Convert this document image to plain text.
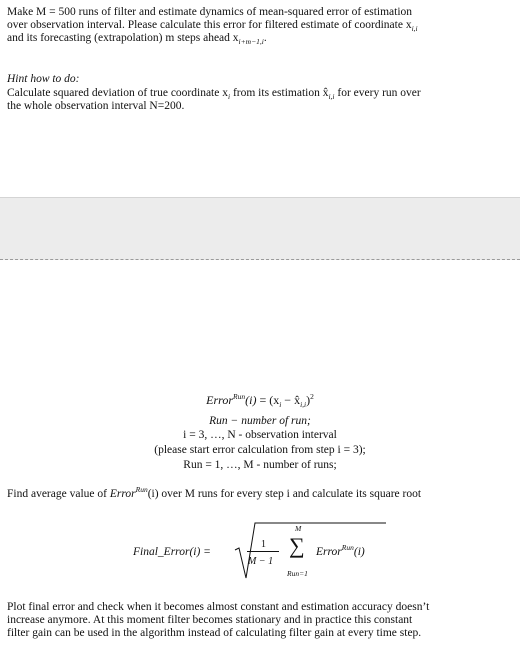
Make M = 500 runs of filter and estimate dynamics of mean-squared error of estimation
over observation interval. Please calculate this error for filtered estimate of coordinate $x_{i,i}$
and its forecasting (extrapolation) m steps ahead $x_{i+m-1,i}$.
Hint how to do:
Calculate squared deviation of true coordinate $x_i$ from its estimation $x̂_{i,i}$ for every run over
the whole observation interval N=200.
Error$^{Run}$(i) = ($x_i$ − $x̂_{i,i})^2$
Run − number of run;
i = 3, …, N - observation interval
(please start error calculation from step i = 3);
Run = 1, …, M - number of runs;
Find average value of Error$^{Run}$(i) over M runs for every step i and calculate its square root
Final_Error(i) =
1
M − 1
M
∑
Run=1
Error$^{Run}$(i)
Plot final error and check when it becomes almost constant and estimation accuracy doesn’t
increase anymore. At this moment filter becomes stationary and in practice this constant
filter gain can be used in the algorithm instead of calculating filter gain at every time step.
